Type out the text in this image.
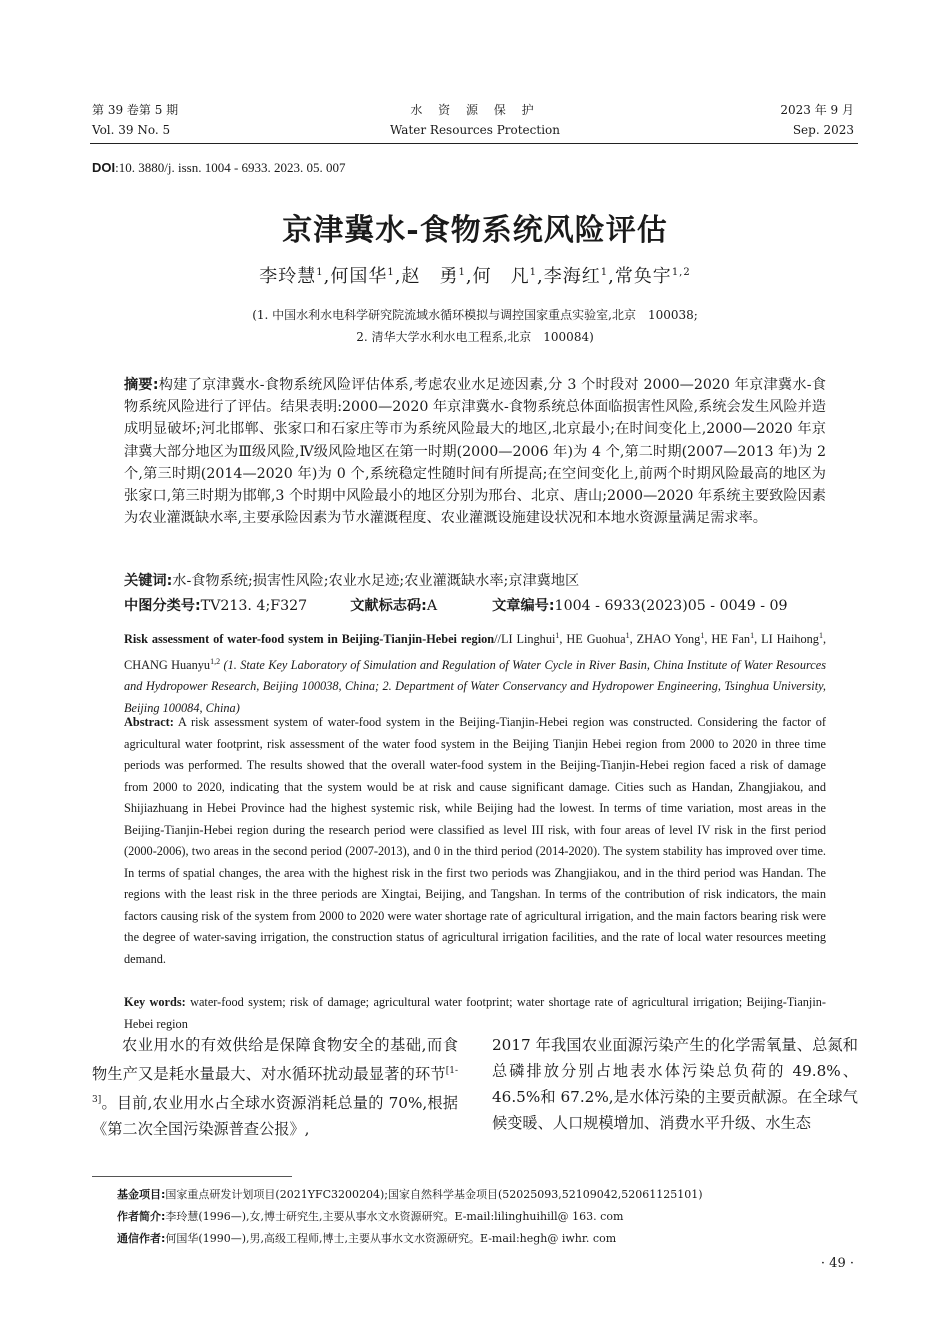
第 39 卷第 5 期
Vol. 39 No. 5
水 资 源 保 护
Water Resources Protection
2023 年 9 月
Sep. 2023
DOI:10. 3880/j. issn. 1004 - 6933. 2023. 05. 007
京津冀水-食物系统风险评估
李玲慧$^1$,何国华$^1$,赵　勇$^1$,何　凡$^1$,李海红$^1$,常奂宇$^{1,2}$
(1. 中国水利水电科学研究院流域水循环模拟与调控国家重点实验室,北京　100038;
2. 清华大学水利水电工程系,北京　100084)
摘要:构建了京津冀水-食物系统风险评估体系,考虑农业水足迹因素,分 3 个时段对 2000—2020 年京津冀水-食物系统风险进行了评估。结果表明:2000—2020 年京津冀水-食物系统总体面临损害性风险,系统会发生风险并造成明显破坏;河北邯郸、张家口和石家庄等市为系统风险最大的地区,北京最小;在时间变化上,2000—2020 年京津冀大部分地区为Ⅲ级风险,Ⅳ级风险地区在第一时期(2000—2006 年)为 4 个,第二时期(2007—2013 年)为 2 个,第三时期(2014—2020 年)为 0 个,系统稳定性随时间有所提高;在空间变化上,前两个时期风险最高的地区为张家口,第三时期为邯郸,3 个时期中风险最小的地区分别为邢台、北京、唐山;2000—2020 年系统主要致险因素为农业灌溉缺水率,主要承险因素为节水灌溉程度、农业灌溉设施建设状况和本地水资源量满足需求率。
关键词:水-食物系统;损害性风险;农业水足迹;农业灌溉缺水率;京津冀地区
中图分类号:TV213. 4;F327	文献标志码:A	文章编号:1004 - 6933(2023)05 - 0049 - 09
Risk assessment of water-food system in Beijing-Tianjin-Hebei region//LI Linghui$^1$, HE Guohua$^1$, ZHAO Yong$^1$, HE Fan$^1$, LI Haihong$^1$, CHANG Huanyu$^{1,2}$ (1. State Key Laboratory of Simulation and Regulation of Water Cycle in River Basin, China Institute of Water Resources and Hydropower Research, Beijing 100038, China; 2. Department of Water Conservancy and Hydropower Engineering, Tsinghua University, Beijing 100084, China)
Abstract: A risk assessment system of water-food system in the Beijing-Tianjin-Hebei region was constructed. Considering the factor of agricultural water footprint, risk assessment of the water food system in the Beijing Tianjin Hebei region from 2000 to 2020 in three time periods was performed. The results showed that the overall water-food system in the Beijing-Tianjin-Hebei region faced a risk of damage from 2000 to 2020, indicating that the system would be at risk and cause significant damage. Cities such as Handan, Zhangjiakou, and Shijiazhuang in Hebei Province had the highest systemic risk, while Beijing had the lowest. In terms of time variation, most areas in the Beijing-Tianjin-Hebei region during the research period were classified as level III risk, with four areas of level IV risk in the first period (2000-2006), two areas in the second period (2007-2013), and 0 in the third period (2014-2020). The system stability has improved over time. In terms of spatial changes, the area with the highest risk in the first two periods was Zhangjiakou, and in the third period was Handan. The regions with the least risk in the three periods are Xingtai, Beijing, and Tangshan. In terms of the contribution of risk indicators, the main factors causing risk of the system from 2000 to 2020 were water shortage rate of agricultural irrigation, and the main factors bearing risk were the degree of water-saving irrigation, the construction status of agricultural irrigation facilities, and the rate of local water resources meeting demand.
Key words: water-food system; risk of damage; agricultural water footprint; water shortage rate of agricultural irrigation; Beijing-Tianjin-Hebei region
农业用水的有效供给是保障食物安全的基础,而食物生产又是耗水量最大、对水循环扰动最显著的环节[1-3]。目前,农业用水占全球水资源消耗总量的 70%,根据《第二次全国污染源普查公报》,
2017 年我国农业面源污染产生的化学需氧量、总氮和总磷排放分别占地表水体污染总负荷的 49.8%、46.5%和 67.2%,是水体污染的主要贡献源。在全球气候变暖、人口规模增加、消费水平升级、水生态
基金项目:国家重点研发计划项目(2021YFC3200204);国家自然科学基金项目(52025093,52109042,52061125101)
作者简介:李玲慧(1996—),女,博士研究生,主要从事水文水资源研究。E-mail:lilinghuihill@ 163. com
通信作者:何国华(1990—),男,高级工程师,博士,主要从事水文水资源研究。E-mail:hegh@ iwhr. com
· 49 ·
